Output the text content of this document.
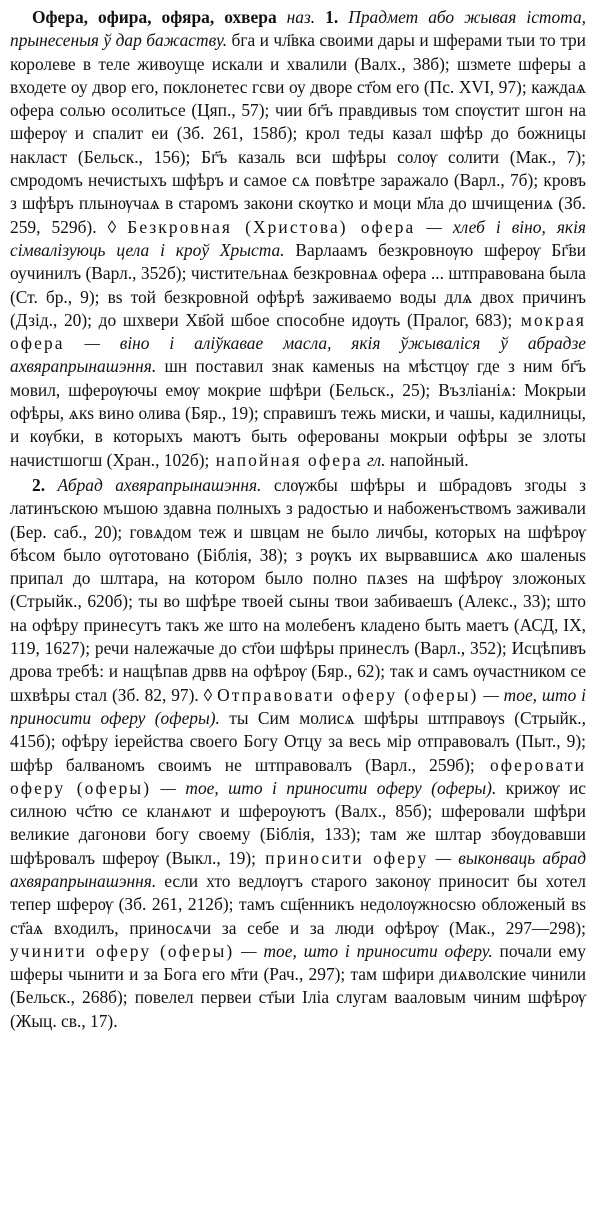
Офера, офира, офяра, охвера наз. 1. Прадмет або жывая істота, прынесеныя ў дар бажаству. бга и чл҃вка своими дары и шферами тыи то три королеве в теле живоуще искали и хвалили (Валх., 38б); шзмете шферы а входете оу двор его, поклонетес гсви оу дворе ст҃ом его (Пс. XVI, 97); каждаѧ офера солью осолитьсе (Цяп., 57); чии бг҃ъ правдивыѕ том спѹстит шгон на шферѹ и спалит еи (Зб. 261, 158б); крол теды казал шфѣр до божницы накласт (Бельск., 156); Бг҃ъ казаль вси шфѣры солѹ солити (Мак., 7); смродомъ нечистыхъ шфѣръ и самое сѧ повѣтре заражало (Варл., 7б); кровъ з шфѣръ плынѹчаѧ в старомъ закони скѹтко и моци м҃ла до шчищениѧ (Зб. 259, 529б). ◊ Безкровная (Христова) офера — хлеб і віно, якія сімвалізуюць цела і кроў Хрыста. Варлаамъ безкровнѹю шферѹ Бг҃ви оучинилъ (Варл., 352б); чиститељнаѧ безкровнаѧ офера ... штправована была (Ст. бр., 9); вѕ той безкровной офѣрѣ заживаемо воды длѧ двох причинъ (Дзід., 20); до шхвери Хв҃ой шбое способне идѹть (Пралог, 683); мокрая офера — віно і аліўкавае масла, якія ўжываліся ў абрадзе ахвярапрынашэння. шн поставил знак каменыѕ на мѣстцѹ где з ним бг҃ъ мовил, шферѹючы емѹ мокрие шфѣри (Бельск., 25); Възлiанiѧ: Мокрыи офѣры, ѧкѕ вино олива (Бяр., 19); справишъ тежь миски, и чашы, кадилницы, и кѹбки, в которыхъ маютъ быть оферованы мокрыи офѣры зе злоты начистшогш (Хран., 102б); напойная офера гл. напойный.

2. Абрад ахвярапрынашэння. слѹжбы шфѣры и шбрадовъ згоды з латинъскою мъшою здавна полныхъ з радостью и набоженъствомъ заживали (Бер. саб., 20); говѧдом теж и швцам не было личбы, которых на шфѣрѹ бѣсом было ѹготовано (Біблія, 38); з рѹкъ их вырвавшисѧ ѧко шаленыѕ припал до шлтара, на котором было полно пѧзеѕ на шфѣрѹ зложоных (Стрыйк., 620б); ты во шфѣре твоей сыны твои забиваешъ (Алекс., 33); што на офѣру принесутъ такъ же што на молебенъ кладено быть маетъ (АСД, IX, 119, 1627); речи належачые до ст҃ои шфѣры принеслъ (Варл., 352); Исцѣпивъ дрова требѣ: и нащѣпав дрвв на офѣрѹ (Бяр., 62); так и самъ ѹчастником се шхвѣры стал (Зб. 82, 97). ◊ Отправовати оферу (оферы) — тое, што і приносити оферу (оферы). ты Сим молисѧ шфѣры штправѹѕ (Стрыйк., 415б); офѣру іерейства своего Богу Отцу за весь мір отправовалъ (Пыт., 9); шфѣр балваномъ своимъ не штправовалъ (Варл., 259б); оферовати оферу (оферы) — тое, што і приносити оферу (оферы). крижѹ ис силною чс҃тю се кланѧют и шфероуютъ (Валх., 85б); шферовали шфѣри великие дагонови богу своему (Біблія, 133); там же шлтар збѹдовавши шфѣровалъ шферѹ (Выкл., 19); приносити оферу — выконваць абрад ахвярапрынашэння. если хто ведлѹгъ старого законѹ приносит бы хотел тепер шферѹ (Зб. 261, 212б); тамъ сщ҃енникъ недолѹжносѕю обложеный вѕ ст҃аѧ входилъ, приносѧчи за себе и за люди офѣрѹ (Мак., 297—298); учинити оферу (оферы) — тое, што і приносити оферу. почали ему шферы чынити и за Бога его м҃ти (Рач., 297); там шфири диѧволские чинили (Бельск., 268б); повелел первеи ст҃ыи Ілiа слугам вааловым чиним шфѣрѹ (Жыц. св., 17).
